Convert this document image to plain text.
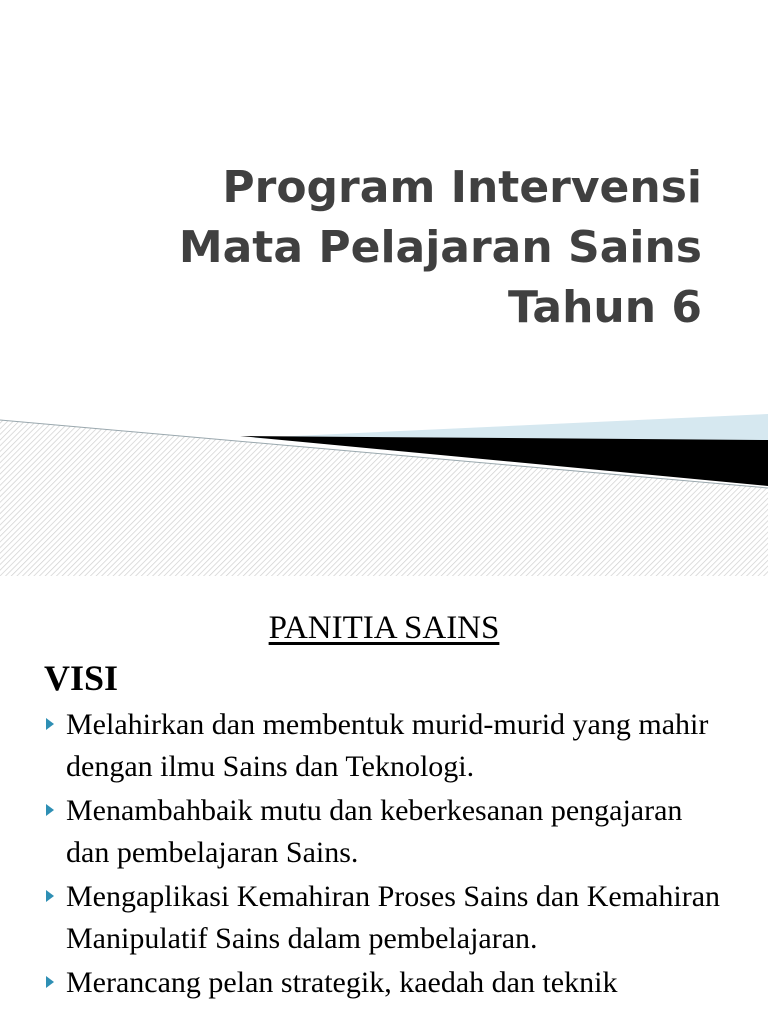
Program Intervensi
Mata Pelajaran Sains
Tahun 6
PANITIA SAINS
VISI
Melahirkan dan membentuk murid-murid yang mahir dengan ilmu Sains dan Teknologi.
Menambahbaik mutu dan keberkesanan pengajaran dan pembelajaran Sains.
Mengaplikasi Kemahiran Proses Sains dan Kemahiran Manipulatif Sains dalam pembelajaran.
Merancang pelan strategik, kaedah dan teknik
